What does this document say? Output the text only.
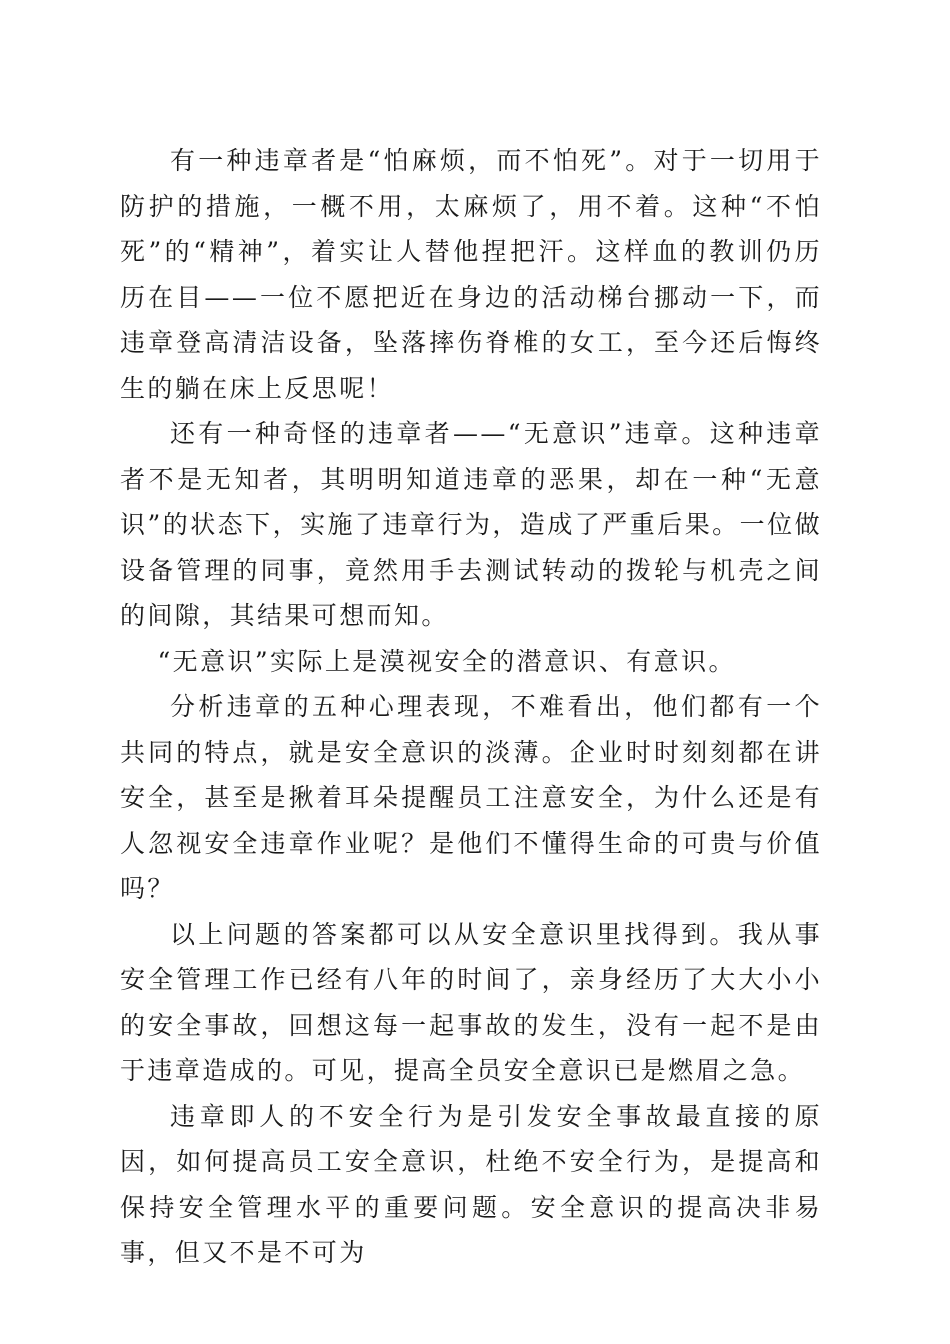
有一种违章者是“怕麻烦，而不怕死”。对于一切用于防护的措施，一概不用，太麻烦了，用不着。这种“不怕死”的“精神”，着实让人替他捏把汗。这样血的教训仍历历在目——一位不愿把近在身边的活动梯台挪动一下，而违章登高清洁设备，坠落摔伤脊椎的女工，至今还后悔终生的躺在床上反思呢！

还有一种奇怪的违章者——“无意识”违章。这种违章者不是无知者，其明明知道违章的恶果，却在一种“无意识”的状态下，实施了违章行为，造成了严重后果。一位做设备管理的同事，竟然用手去测试转动的拨轮与机壳之间的间隙，其结果可想而知。

“无意识”实际上是漠视安全的潜意识、有意识。

分析违章的五种心理表现，不难看出，他们都有一个共同的特点，就是安全意识的淡薄。企业时时刻刻都在讲安全，甚至是揪着耳朵提醒员工注意安全，为什么还是有人忽视安全违章作业呢？是他们不懂得生命的可贵与价值吗？

以上问题的答案都可以从安全意识里找得到。我从事安全管理工作已经有八年的时间了，亲身经历了大大小小的安全事故，回想这每一起事故的发生，没有一起不是由于违章造成的。可见，提高全员安全意识已是燃眉之急。

违章即人的不安全行为是引发安全事故最直接的原因，如何提高员工安全意识，杜绝不安全行为，是提高和保持安全管理水平的重要问题。安全意识的提高决非易事，但又不是不可为
